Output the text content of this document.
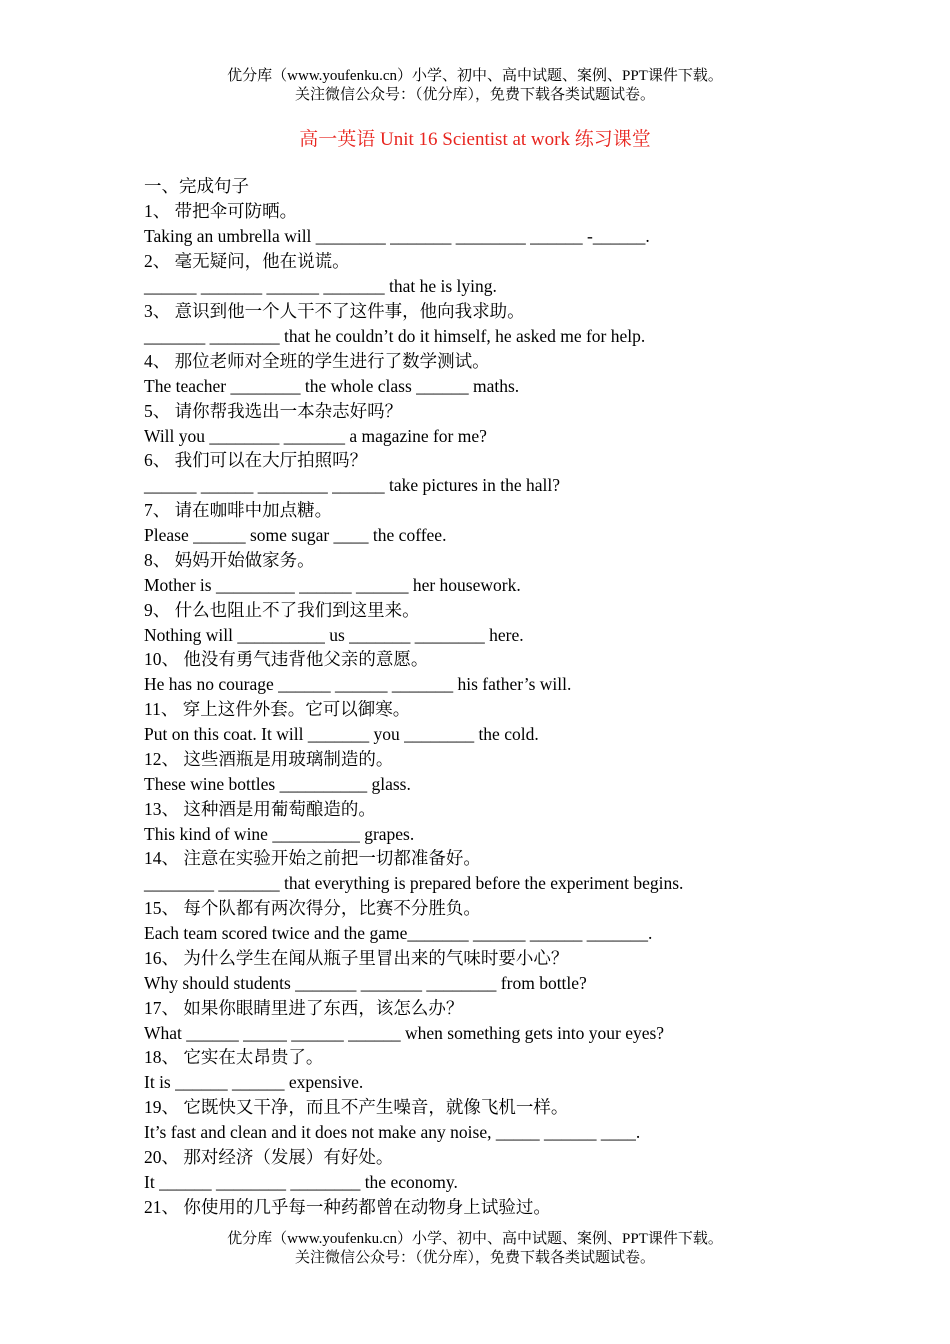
优分库（www.youfenku.cn）小学、初中、高中试题、案例、PPT课件下载。
关注微信公众号：（优分库），免费下载各类试题试卷。
高一英语 Unit 16 Scientist at work 练习课堂
一、完成句子
1、 带把伞可防晒。
Taking an umbrella will ________ _______ ________ ______ -______.
2、 毫无疑问，他在说谎。
______ _______ ______ _______ that he is lying.
3、 意识到他一个人干不了这件事，他向我求助。
_______ ________ that he couldn’t do it himself, he asked me for help.
4、 那位老师对全班的学生进行了数学测试。
The teacher ________ the whole class ______ maths.
5、 请你帮我选出一本杂志好吗？
Will you ________ _______ a magazine for me?
6、 我们可以在大厅拍照吗？
______ ______ ________ ______ take pictures in the hall?
7、 请在咖啡中加点糖。
Please ______ some sugar ____ the coffee.
8、 妈妈开始做家务。
Mother is _________ ______ ______ her housework.
9、 什么也阻止不了我们到这里来。
Nothing will __________ us _______ ________ here.
10、 他没有勇气违背他父亲的意愿。
He has no courage ______ ______ _______ his father’s will.
11、 穿上这件外套。它可以御寒。
Put on this coat. It will _______ you ________ the cold.
12、 这些酒瓶是用玻璃制造的。
These wine bottles __________ glass.
13、 这种酒是用葡萄酿造的。
This kind of wine __________ grapes.
14、 注意在实验开始之前把一切都准备好。
________ _______ that everything is prepared before the experiment begins.
15、 每个队都有两次得分，比赛不分胜负。
Each team scored twice and the game_______ ______ ______ _______.
16、 为什么学生在闻从瓶子里冒出来的气味时要小心？
Why should students _______ _______ ________ from bottle?
17、 如果你眼睛里进了东西，该怎么办？
What ______ _____ ______ ______ when something gets into your eyes?
18、 它实在太昂贵了。
It is ______ ______ expensive.
19、 它既快又干净，而且不产生噪音，就像飞机一样。
It’s fast and clean and it does not make any noise, _____ ______ ____.
20、 那对经济（发展）有好处。
It ______ ________ ________ the economy.
21、 你使用的几乎每一种药都曾在动物身上试验过。
优分库（www.youfenku.cn）小学、初中、高中试题、案例、PPT课件下载。
关注微信公众号：（优分库），免费下载各类试题试卷。
